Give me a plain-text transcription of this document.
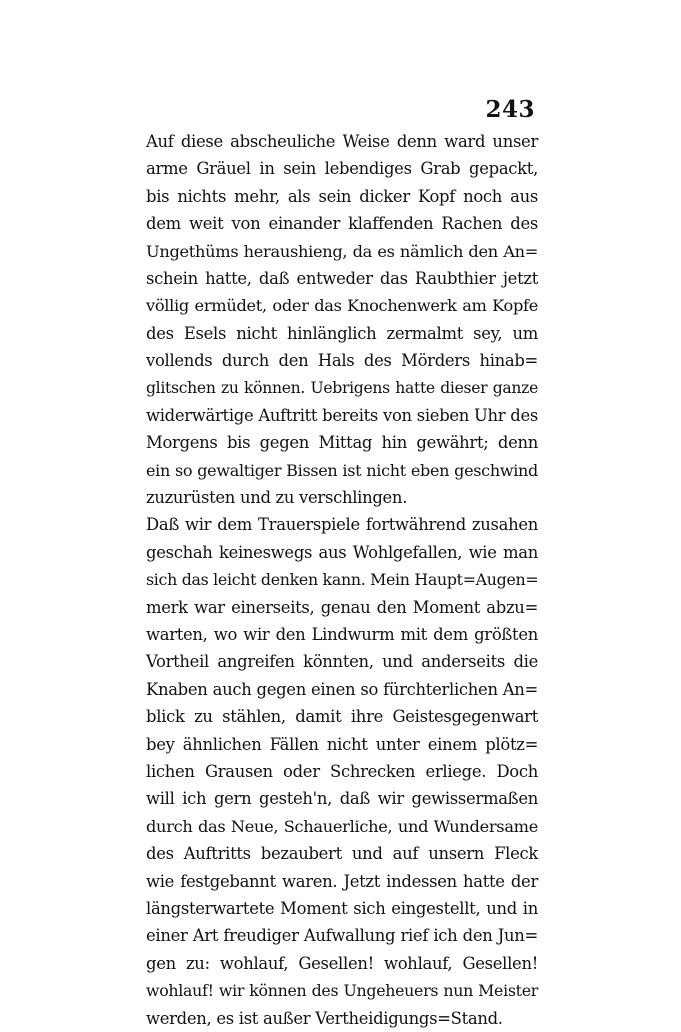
243
Auf diese abscheuliche Weise denn ward unser
arme Gräuel in sein lebendiges Grab gepackt,
bis nichts mehr, als sein dicker Kopf noch aus
dem weit von einander klaffenden Rachen des
Ungethüms heraushieng, da es nämlich den An=
schein hatte, daß entweder das Raubthier jetzt
völlig ermüdet, oder das Knochenwerk am Kopfe
des Esels nicht hinlänglich zermalmt sey, um
vollends durch den Hals des Mörders hinab=
glitschen zu können. Uebrigens hatte dieser ganze
widerwärtige Auftritt bereits von sieben Uhr des
Morgens bis gegen Mittag hin gewährt; denn
ein so gewaltiger Bissen ist nicht eben geschwind
zuzurüsten und zu verschlingen.
Daß wir dem Trauerspiele fortwährend zusahen
geschah keineswegs aus Wohlgefallen, wie man
sich das leicht denken kann. Mein Haupt=Augen=
merk war einerseits, genau den Moment abzu=
warten, wo wir den Lindwurm mit dem größten
Vortheil angreifen könnten, und anderseits die
Knaben auch gegen einen so fürchterlichen An=
blick zu stählen, damit ihre Geistesgegenwart
bey ähnlichen Fällen nicht unter einem plötz=
lichen Grausen oder Schrecken erliege. Doch
will ich gern gesteh'n, daß wir gewissermaßen
durch das Neue, Schauerliche, und Wundersame
des Auftritts bezaubert und auf unsern Fleck
wie festgebannt waren. Jetzt indessen hatte der
längsterwartete Moment sich eingestellt, und in
einer Art freudiger Aufwallung rief ich den Jun=
gen zu: wohlauf, Gesellen! wohlauf, Gesellen!
wohlauf! wir können des Ungeheuers nun Meister
werden, es ist außer Vertheidigungs=Stand.
